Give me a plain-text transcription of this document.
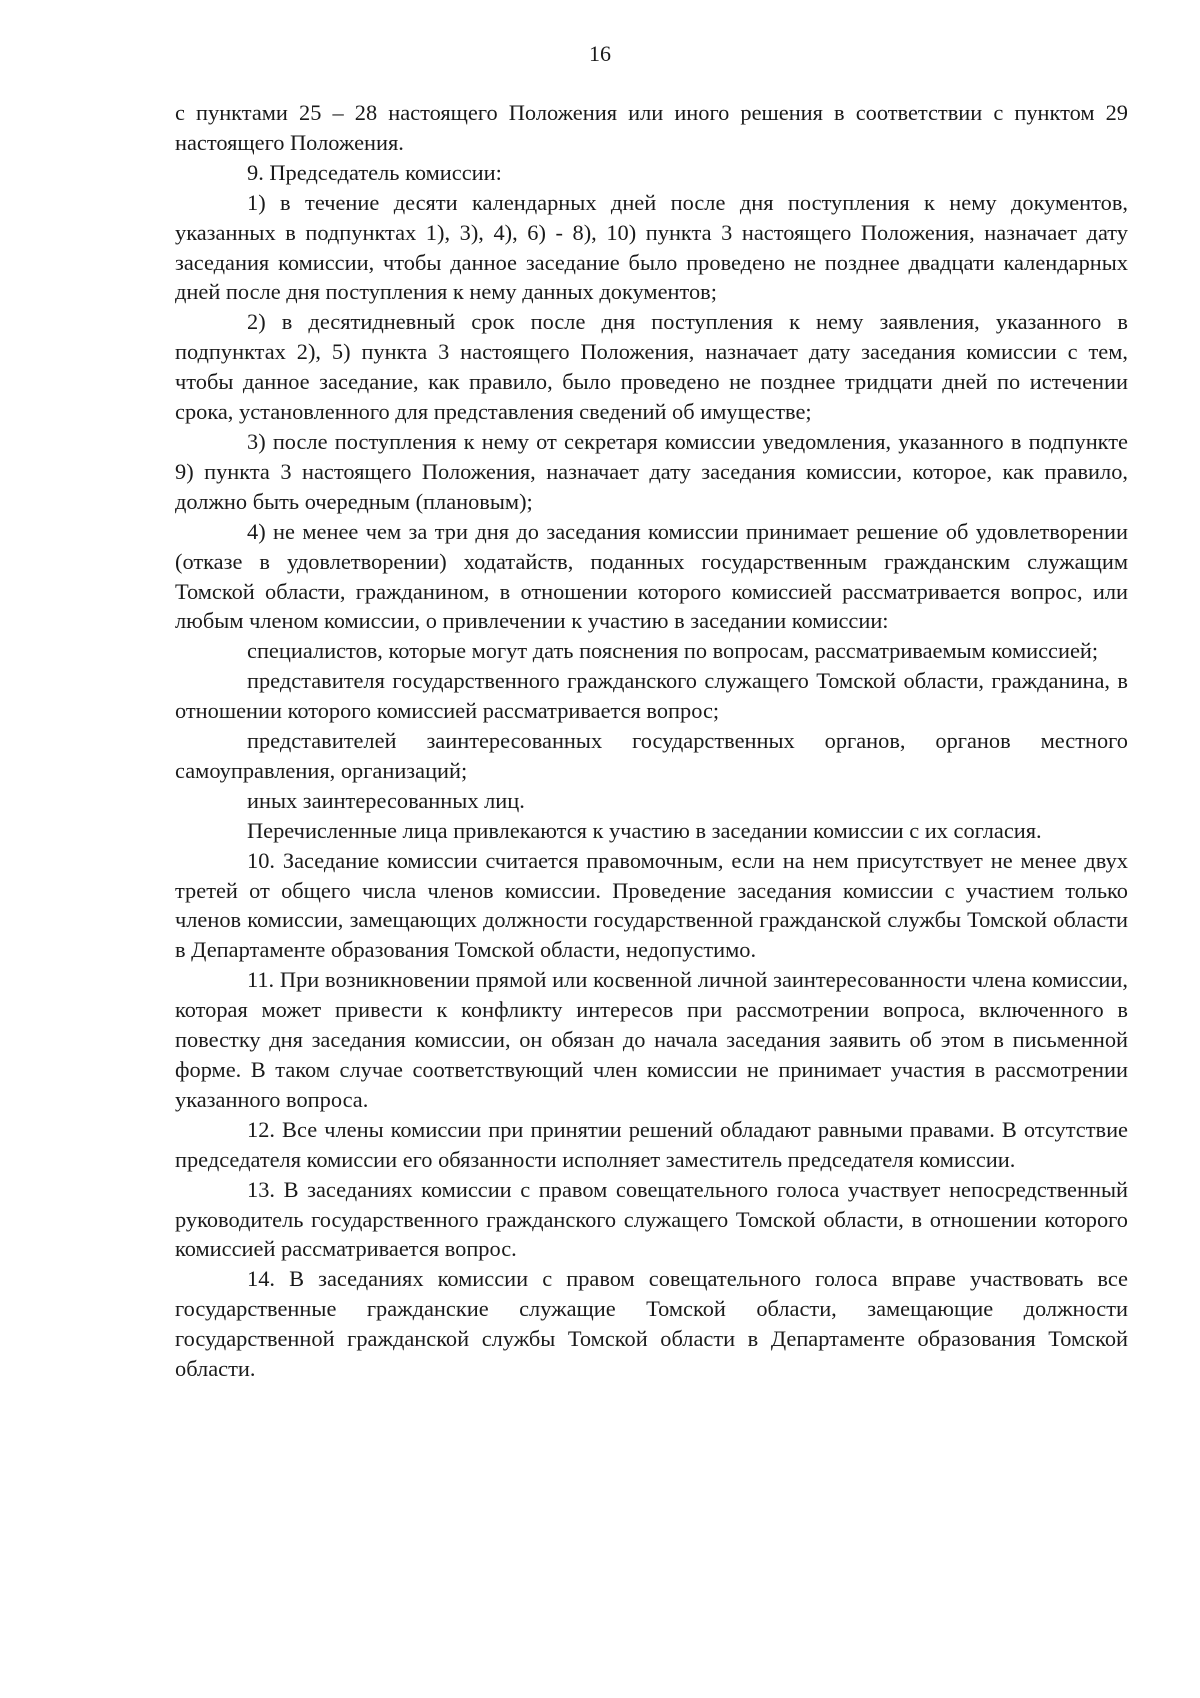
16

с пунктами 25 – 28 настоящего Положения или иного решения в соответствии с пунктом 29 настоящего Положения.

9. Председатель комиссии:

1) в течение десяти календарных дней после дня поступления к нему документов, указанных в подпунктах 1), 3), 4), 6) - 8), 10) пункта 3 настоящего Положения, назначает дату заседания комиссии, чтобы данное заседание было проведено не позднее двадцати календарных дней после дня поступления к нему данных документов;

2) в десятидневный срок после дня поступления к нему заявления, указанного в подпунктах 2), 5) пункта 3 настоящего Положения, назначает дату заседания комиссии с тем, чтобы данное заседание, как правило, было проведено не позднее тридцати дней по истечении срока, установленного для представления сведений об имуществе;

3) после поступления к нему от секретаря комиссии уведомления, указанного в подпункте 9) пункта 3 настоящего Положения, назначает дату заседания комиссии, которое, как правило, должно быть очередным (плановым);

4) не менее чем за три дня до заседания комиссии принимает решение об удовлетворении (отказе в удовлетворении) ходатайств, поданных государственным гражданским служащим Томской области, гражданином, в отношении которого комиссией рассматривается вопрос, или любым членом комиссии, о привлечении к участию в заседании комиссии:

специалистов, которые могут дать пояснения по вопросам, рассматриваемым комиссией;

представителя государственного гражданского служащего Томской области, гражданина, в отношении которого комиссией рассматривается вопрос;

представителей заинтересованных государственных органов, органов местного самоуправления, организаций;

иных заинтересованных лиц.

Перечисленные лица привлекаются к участию в заседании комиссии с их согласия.

10. Заседание комиссии считается правомочным, если на нем присутствует не менее двух третей от общего числа членов комиссии. Проведение заседания комиссии с участием только членов комиссии, замещающих должности государственной гражданской службы Томской области в Департаменте образования Томской области, недопустимо.

11. При возникновении прямой или косвенной личной заинтересованности члена комиссии, которая может привести к конфликту интересов при рассмотрении вопроса, включенного в повестку дня заседания комиссии, он обязан до начала заседания заявить об этом в письменной форме. В таком случае соответствующий член комиссии не принимает участия в рассмотрении указанного вопроса.

12. Все члены комиссии при принятии решений обладают равными правами. В отсутствие председателя комиссии его обязанности исполняет заместитель председателя комиссии.

13. В заседаниях комиссии с правом совещательного голоса участвует непосредственный руководитель государственного гражданского служащего Томской области, в отношении которого комиссией рассматривается вопрос.

14. В заседаниях комиссии с правом совещательного голоса вправе участвовать все государственные гражданские служащие Томской области, замещающие должности государственной гражданской службы Томской области в Департаменте образования Томской области.
